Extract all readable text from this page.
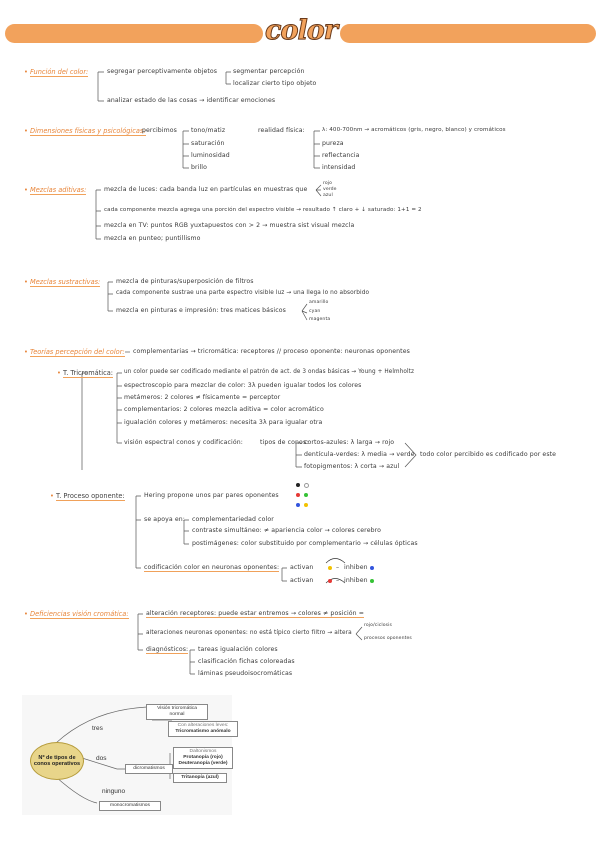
color
• Función del color:	segregar perceptivamente objetos	segmentar percepción
localizar cierto tipo objeto
analizar estado de las cosas → identificar emociones
• Dimensiones físicas y psicológicas:
percibimos tono/matiz
saturación
luminosidad
brillo
realidad física:	λ: 400-700nm → acromáticos (gris, negro, blanco) y cromáticos
pureza
reflectancia
intensidad
• Mezclas aditivas:	mezcla de luces: cada banda luz en partículas en muestras que
rojo
verde
azul
cada componente mezcla agrega una porción del espectro visible → resultado ↑ claro + ↓ saturado: 1+1 = 2
mezcla en TV: puntos RGB yuxtapuestos con > 2 → muestra sist visual mezcla
mezcla en punteo; puntillismo
• Mezclas sustractivas:	mezcla de pinturas/superposición de filtros
cada componente sustrae una parte espectro visible luz → una llega lo no absorbido
mezcla en pinturas e impresión: tres matices básicos
amarillo
cyan
magenta
• Teorías percepción del color: complementarias → tricromática: receptores // proceso oponente: neuronas oponentes
• T. Tricromática: un color puede ser codificado mediante el patrón de act. de 3 ondas básicas → Young + Helmholtz
espectroscopio para mezclar de color: 3λ pueden igualar todos los colores
metámeros: 2 colores ≠ físicamente = perceptor
complementarios: 2 colores mezcla aditiva = color acromático
igualación colores y metámeros: necesita 3λ para igualar otra
visión espectral conos y codificación:	tipos de conos:
cortos-azules: λ larga → rojo
dentícula-verdes: λ media → verde
fotopigmentos: λ corta → azul
todo color percibido es codificado por este
• T. Proceso oponente:	Hering propone unos par pares oponentes
se apoya en: complementariedad color
contraste simultáneo: ≠ apariencia color → colores cerebro
postimágenes: color substituido por complementario → células ópticas
codificación color en neuronas oponentes: activan	– inhiben
activan	– inhiben
• Deficiencias visión cromática:	alteración receptores: puede estar entremos → colores ≠ posición =
alteraciones neuronas oponentes: no está típico cierto filtro → altera
rojo/ciclosis
procesos oponentes
diagnósticos: tareas igualación colores
clasificación fichas coloreadas
láminas pseudoisocromáticas
Nº de tipos de conos operativos
tres
dos
ninguno
Visión tricromática
normal
Con alteraciones leves:
Tricromatismo anómalo
dicromatismos
Daltonismos
Protanopía (rojo)
Deuteranopía (verde)
Tritanopía (azul)
monocromatismos
